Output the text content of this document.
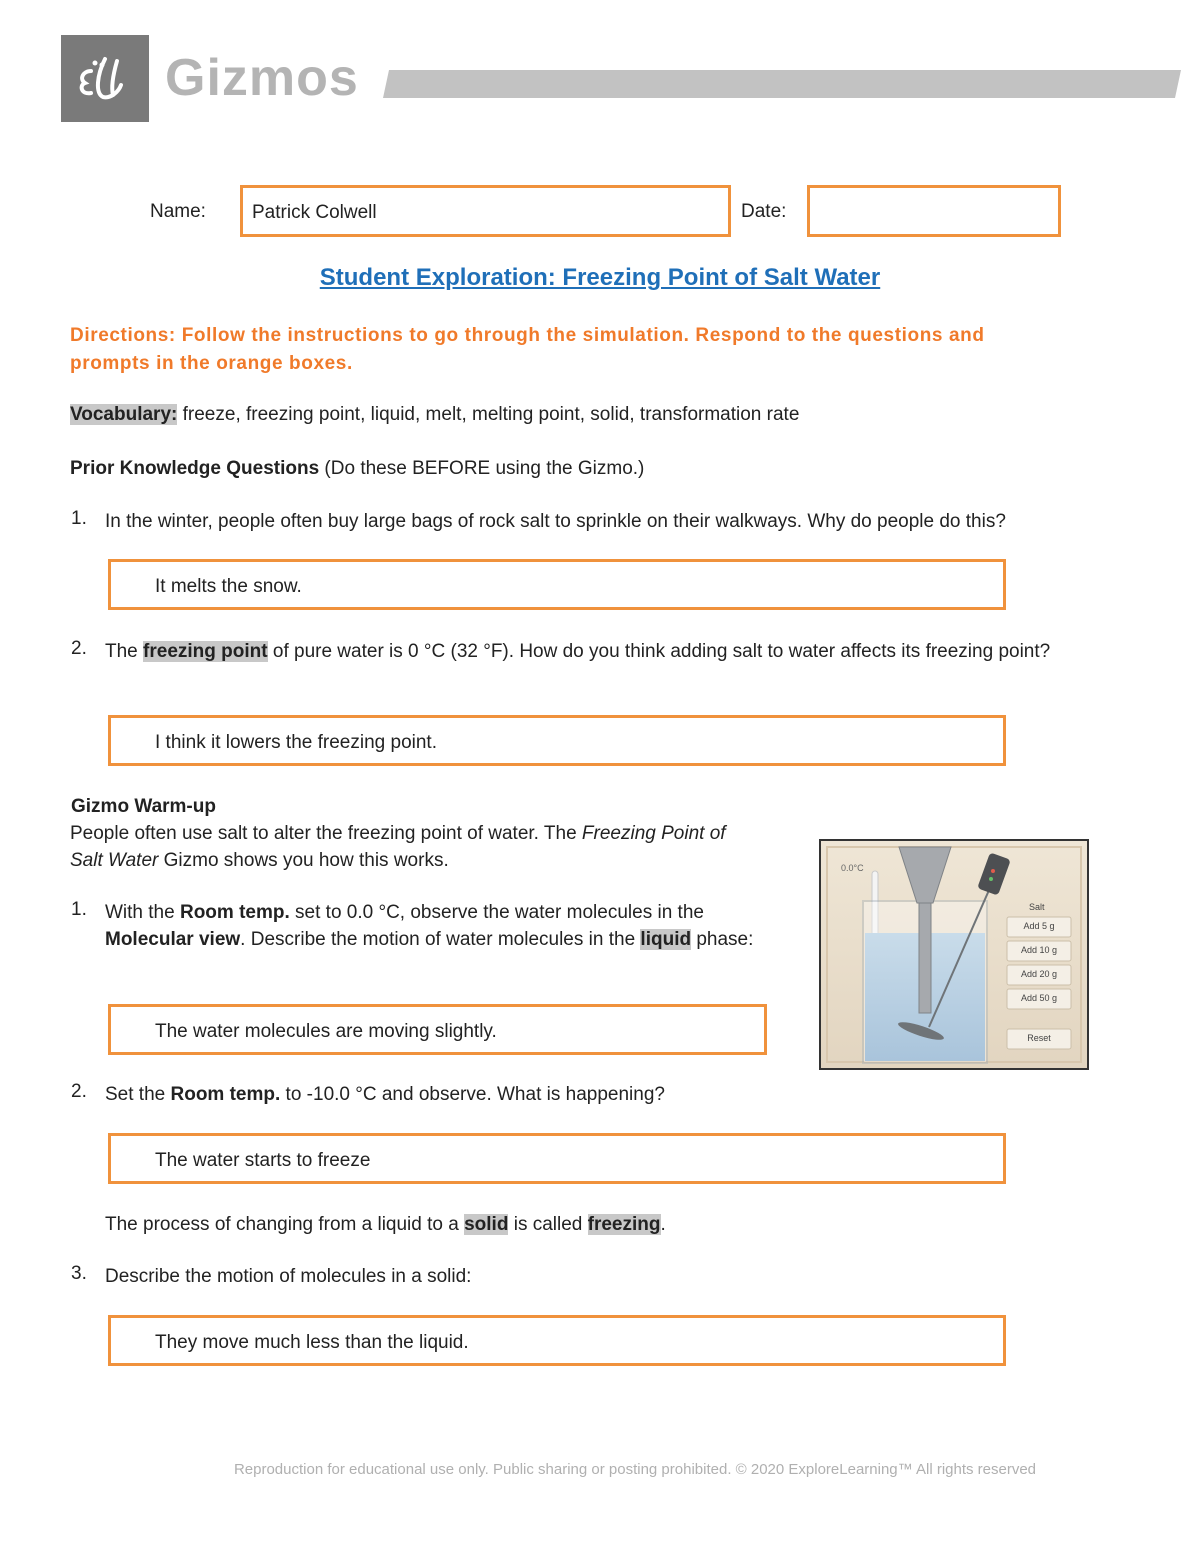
Gizmos
Name: Patrick Colwell	Date:
Student Exploration: Freezing Point of Salt Water
Directions: Follow the instructions to go through the simulation. Respond to the questions and prompts in the orange boxes.
Vocabulary: freeze, freezing point, liquid, melt, melting point, solid, transformation rate
Prior Knowledge Questions (Do these BEFORE using the Gizmo.)
1. In the winter, people often buy large bags of rock salt to sprinkle on their walkways. Why do people do this?
It melts the snow.
2. The freezing point of pure water is 0 °C (32 °F). How do you think adding salt to water affects its freezing point?
I think it lowers the freezing point.
Gizmo Warm-up
People often use salt to alter the freezing point of water. The Freezing Point of Salt Water Gizmo shows you how this works.
1. With the Room temp. set to 0.0 °C, observe the water molecules in the Molecular view. Describe the motion of water molecules in the liquid phase:
The water molecules are moving slightly.
0.0°C
Salt
Add 5 g
Add 10 g
Add 20 g
Add 50 g
Reset
2. Set the Room temp. to -10.0 °C and observe. What is happening?
The water starts to freeze
The process of changing from a liquid to a solid is called freezing.
3. Describe the motion of molecules in a solid:
They move much less than the liquid.
Reproduction for educational use only. Public sharing or posting prohibited. © 2020 ExploreLearning™ All rights reserved
